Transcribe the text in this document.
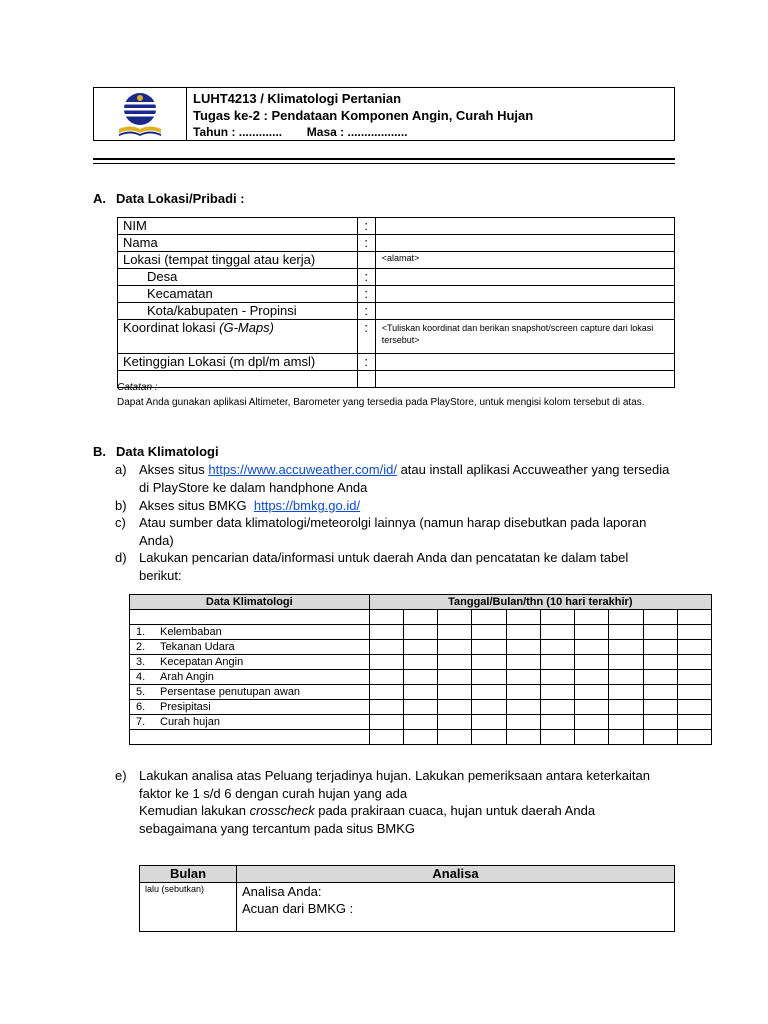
LUHT4213 / Klimatologi Pertanian
Tugas ke-2 : Pendataan Komponen Angin, Curah Hujan
Tahun : ............. Masa : ..................
A. Data Lokasi/Pribadi :
NIM	:	
Nama	:	
Lokasi (tempat tinggal atau kerja)		<alamat>
Desa	:	
Kecamatan	:	
Kota/kabupaten - Propinsi	:	
Koordinat lokasi (G-Maps)	:	<Tuliskan koordinat dan berikan snapshot/screen capture dari lokasi tersebut>
Ketinggian Lokasi (m dpl/m amsl)	:	

Catatan :
Dapat Anda gunakan aplikasi Altimeter, Barometer yang tersedia pada PlayStore, untuk mengisi kolom tersebut di atas.
B. Data Klimatologi
a) Akses situs https://www.accuweather.com/id/ atau install aplikasi Accuweather yang tersedia di PlayStore ke dalam handphone Anda
b) Akses situs BMKG  https://bmkg.go.id/
c) Atau sumber data klimatologi/meteorolgi lainnya (namun harap disebutkan pada laporan Anda)
d) Lakukan pencarian data/informasi untuk daerah Anda dan pencatatan ke dalam tabel berikut:
Data Klimatologi	Tanggal/Bulan/thn (10 hari terakhir)									

1. Kelembaban										
2. Tekanan Udara										
3. Kecepatan Angin										
4. Arah Angin										
5. Persentase penutupan awan										
6. Presipitasi										
7. Curah hujan										

e) Lakukan analisa atas Peluang terjadinya hujan. Lakukan pemeriksaan antara keterkaitan faktor ke 1 s/d 6 dengan curah hujan yang ada
Kemudian lakukan crosscheck pada prakiraan cuaca, hujan untuk daerah Anda sebagaimana yang tercantum pada situs BMKG
Bulan	Analisa
lalu (sebutkan)	Analisa Anda:
Acuan dari BMKG :
